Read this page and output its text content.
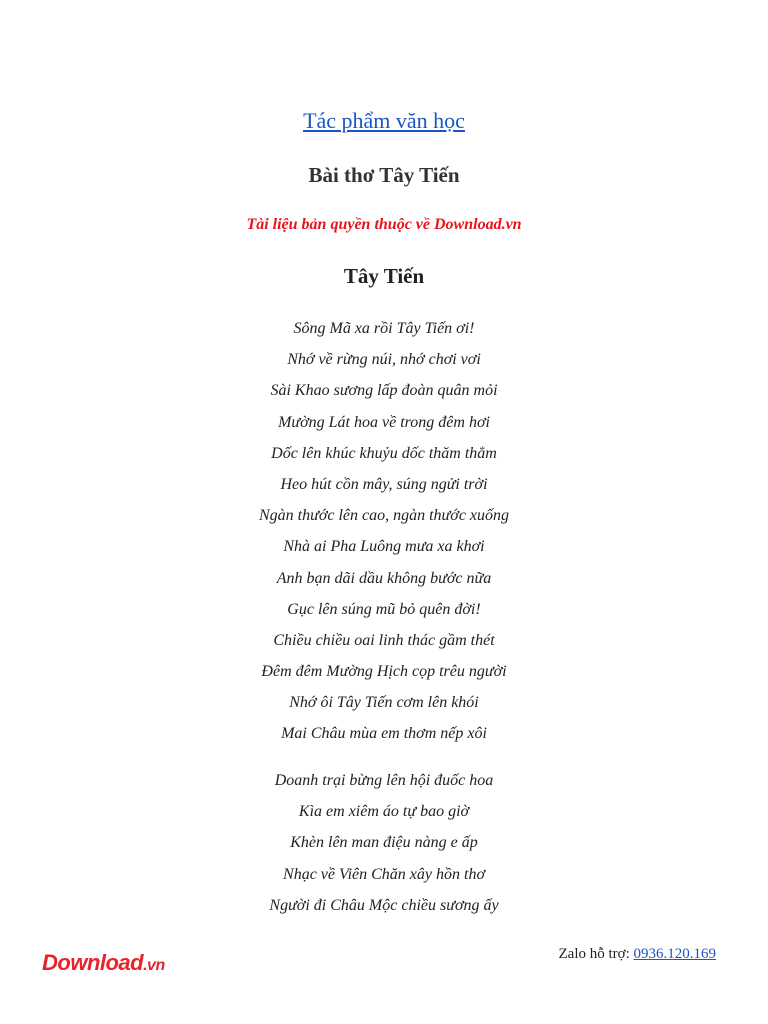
Tác phẩm văn học
Bài thơ Tây Tiến
Tài liệu bản quyền thuộc về Download.vn
Tây Tiến
Sông Mã xa rồi Tây Tiến ơi!
Nhớ về rừng núi, nhớ chơi vơi
Sài Khao sương lấp đoàn quân mỏi
Mường Lát hoa về trong đêm hơi
Dốc lên khúc khuỷu dốc thăm thẳm
Heo hút cồn mây, súng ngửi trời
Ngàn thước lên cao, ngàn thước xuống
Nhà ai Pha Luông mưa xa khơi
Anh bạn dãi dầu không bước nữa
Gục lên súng mũ bỏ quên đời!
Chiều chiều oai linh thác gầm thét
Đêm đêm Mường Hịch cọp trêu người
Nhớ ôi Tây Tiến cơm lên khói
Mai Châu mùa em thơm nếp xôi
Doanh trại bừng lên hội đuốc hoa
Kìa em xiêm áo tự bao giờ
Khèn lên man điệu nàng e ấp
Nhạc về Viên Chăn xây hồn thơ
Người đi Châu Mộc chiều sương ấy
Download.vn
Zalo hỗ trợ: 0936.120.169
